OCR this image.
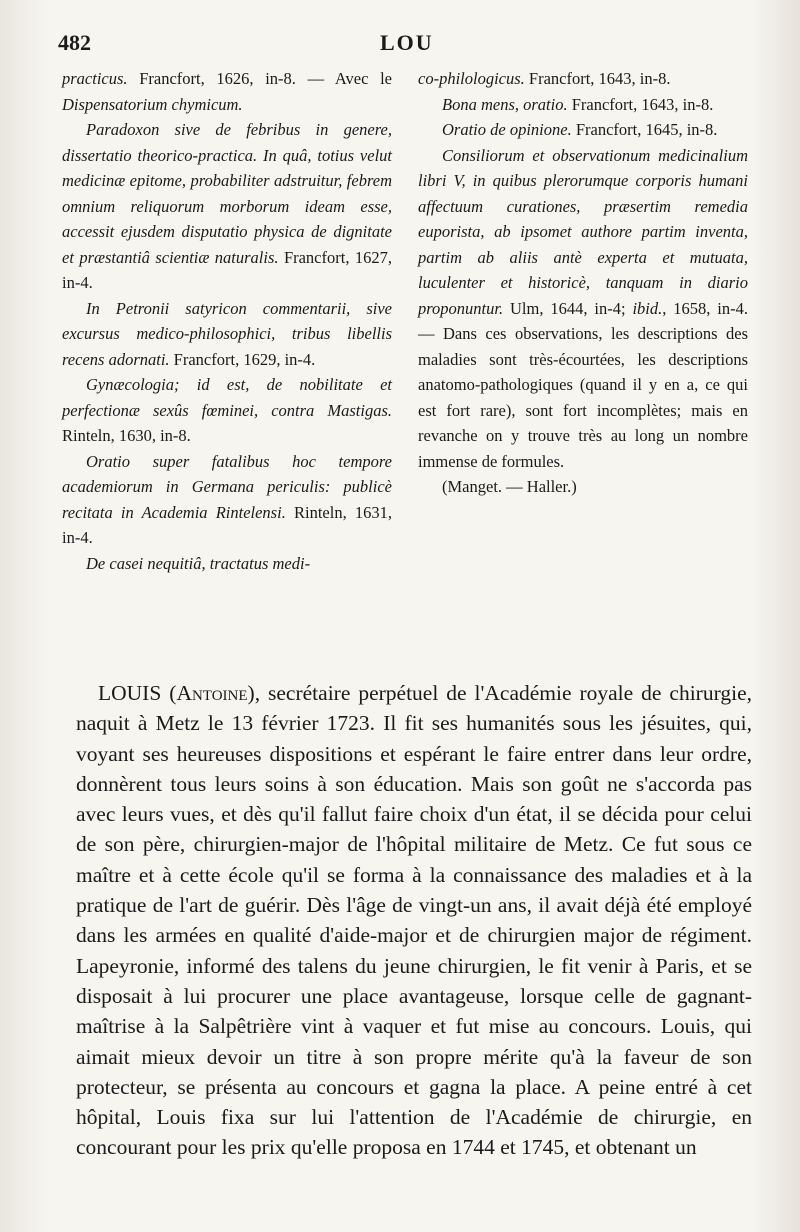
482	LOU

practicus. Francfort, 1626, in-8. — Avec le Dispensatorium chymicum.

Paradoxon sive de febribus in genere, dissertatio theorico-practica. In quâ, totius velut medicinæ epitome, probabiliter adstruitur, febrem omnium reliquorum morborum ideam esse, accessit ejusdem disputatio physica de dignitate et præstantiâ scientiæ naturalis. Francfort, 1627, in-4.

In Petronii satyricon commentarii, sive excursus medico-philosophici, tribus libellis recens adornati. Francfort, 1629, in-4.

Gynæcologia; id est, de nobilitate et perfectionæ sexûs fœminei, contra Mastigas. Rinteln, 1630, in-8.

Oratio super fatalibus hoc tempore academiorum in Germana periculis: publicè recitata in Academia Rintelensi. Rinteln, 1631, in-4.

De casei nequitiâ, tractatus medi-

co-philologicus. Francfort, 1643, in-8.

Bona mens, oratio. Francfort, 1643, in-8.

Oratio de opinione. Francfort, 1645, in-8.

Consiliorum et observationum medicinalium libri V, in quibus plerorumque corporis humani affectuum curationes, præsertim remedia euporista, ab ipsomet authore partim inventa, partim ab aliis antè experta et mutuata, luculenter et historicè, tanquam in diario proponuntur. Ulm, 1644, in-4; ibid., 1658, in-4. — Dans ces observations, les descriptions des maladies sont très-écourtées, les descriptions anatomo-pathologiques (quand il y en a, ce qui est fort rare), sont fort incomplètes; mais en revanche on y trouve très au long un nombre immense de formules.

(Manget. — Haller.)

LOUIS (Antoine), secrétaire perpétuel de l'Académie royale de chirurgie, naquit à Metz le 13 février 1723. Il fit ses humanités sous les jésuites, qui, voyant ses heureuses dispositions et espérant le faire entrer dans leur ordre, donnèrent tous leurs soins à son éducation. Mais son goût ne s'accorda pas avec leurs vues, et dès qu'il fallut faire choix d'un état, il se décida pour celui de son père, chirurgien-major de l'hôpital militaire de Metz. Ce fut sous ce maître et à cette école qu'il se forma à la connaissance des maladies et à la pratique de l'art de guérir. Dès l'âge de vingt-un ans, il avait déjà été employé dans les armées en qualité d'aide-major et de chirurgien major de régiment. Lapeyronie, informé des talens du jeune chirurgien, le fit venir à Paris, et se disposait à lui procurer une place avantageuse, lorsque celle de gagnant-maîtrise à la Salpêtrière vint à vaquer et fut mise au concours. Louis, qui aimait mieux devoir un titre à son propre mérite qu'à la faveur de son protecteur, se présenta au concours et gagna la place. A peine entré à cet hôpital, Louis fixa sur lui l'attention de l'Académie de chirurgie, en concourant pour les prix qu'elle proposa en 1744 et 1745, et obtenant un
